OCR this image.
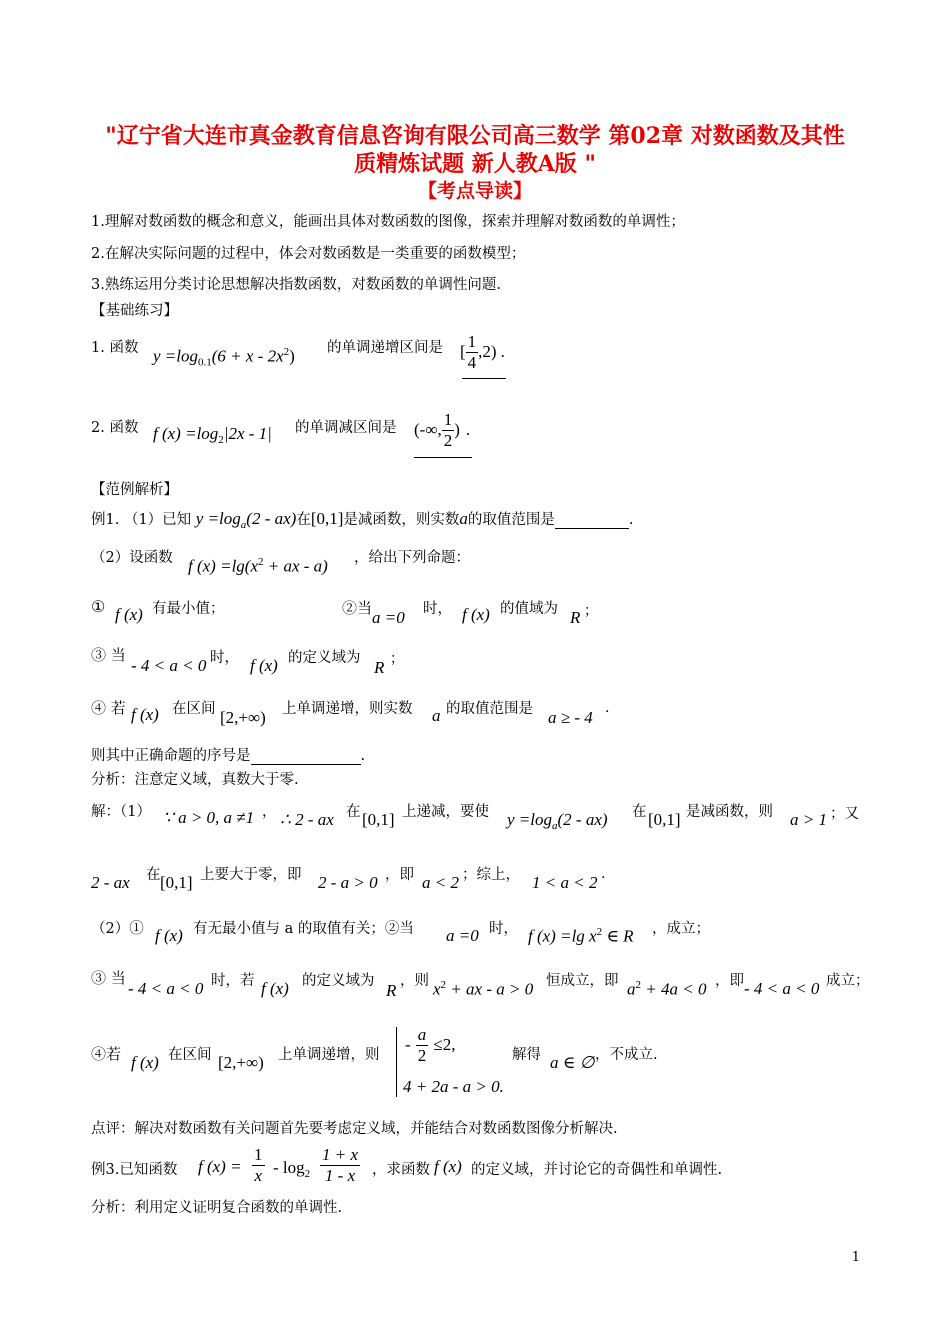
"辽宁省大连市真金教育信息咨询有限公司高三数学 第02章 对数函数及其性
质精炼试题 新人教A版 "
【考点导读】
1.理解对数函数的概念和意义，能画出具体对数函数的图像，探索并理解对数函数的单调性；
2.在解决实际问题的过程中，体会对数函数是一类重要的函数模型；
3.熟练运用分类讨论思想解决指数函数，对数函数的单调性问题.
【基础练习】
1. 函数 $y =\log_{0.1}(6 + x - 2x^2)$ 的单调递增区间是 [ $\frac{1}{4} ,2$) .
2. 函数 f $(x) =\log_2|2x - 1|$ 的单调减区间是 (-∞, $\frac{1}{2}$ ) .
【范例解析】
例1. （1）已知 $y =\log_a(2 - ax)$在[0,1]是减函数，则实数a的取值范围是	.
（2）设函数 f $(x) =\lg(x^2$ + ax - a) ，给出下列命题：
① f (x) 有最小值；	②当 a =0 时， f (x) 的值域为 R ；
③ 当
- 4 < a < 0 时， f (x) 的定义域为 R ；
④ 若 f (x) 在区间 [2,+∞) 上单调递增，则实数 a 的取值范围是 a ≥ - 4 .
则其中正确命题的序号是	.
分析：注意定义域，真数大于零.
解：（1） ∵ a > 0, a ≠1 ， ∴ 2 - ax 在 [0,1] 上递减，要使 $y =\log_a(2 - ax)$ 在 [0,1] 是减函数，则 a > 1 ；又
2 - ax 在 [0,1] 上要大于零，即 2 - a > 0 ，即 a < 2 ；综上， 1 < a < 2 .
（2）① f (x) 有无最小值与 a 的取值有关；②当 a =0 时， f (x) =lg $x^2$ ∈ R ，成立；
③ 当
- 4 < a < 0 时，若 f (x) 的定义域为 R ，则 $x^2$ + ax - a > 0 恒成立，即 $a^2 + 4a < 0$ ，即 - 4 < a < 0 成立；
④若 f (x) 在区间 [2,+∞) 上单调递增，则
- $\frac{a}{2} \le 2$,
4 + 2a - a > 0.
解得 a ∈ ∅ ，不成立.
点评：解决对数函数有关问题首先要考虑定义域，并能结合对数函数图像分析解决.
例3.已知函数 f $(x) = \frac{1}{x} - \log_2 \frac{1 + x}{1 - x}$ ，求函数 f (x) 的定义域，并讨论它的奇偶性和单调性.
分析：利用定义证明复合函数的单调性.
1
